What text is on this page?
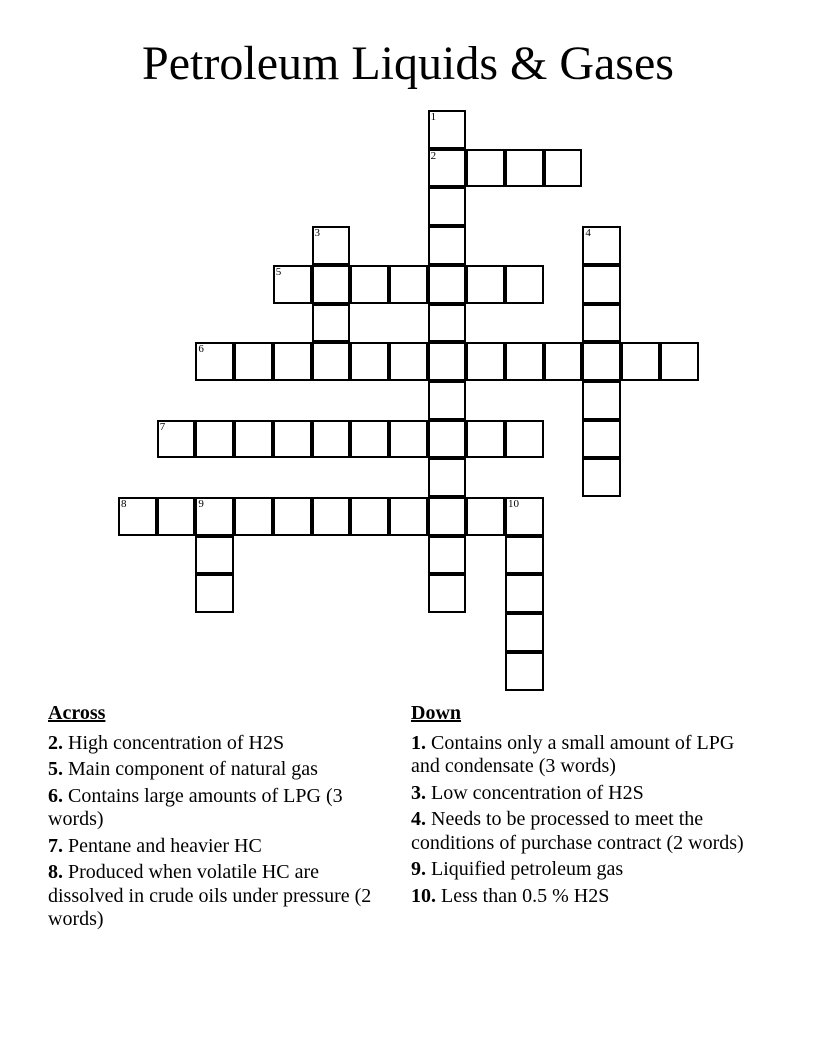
Petroleum Liquids & Gases
2
5
6
7
8	9	10
1
3	4
Across
2. High concentration of H2S
5. Main component of natural gas
6. Contains large amounts of LPG (3 words)
7. Pentane and heavier HC
8. Produced when volatile HC are dissolved in crude oils under pressure (2 words)
Down
1. Contains only a small amount of LPG and condensate (3 words)
3. Low concentration of H2S
4. Needs to be processed to meet the conditions of purchase contract (2 words)
9. Liquified petroleum gas
10. Less than 0.5 % H2S
